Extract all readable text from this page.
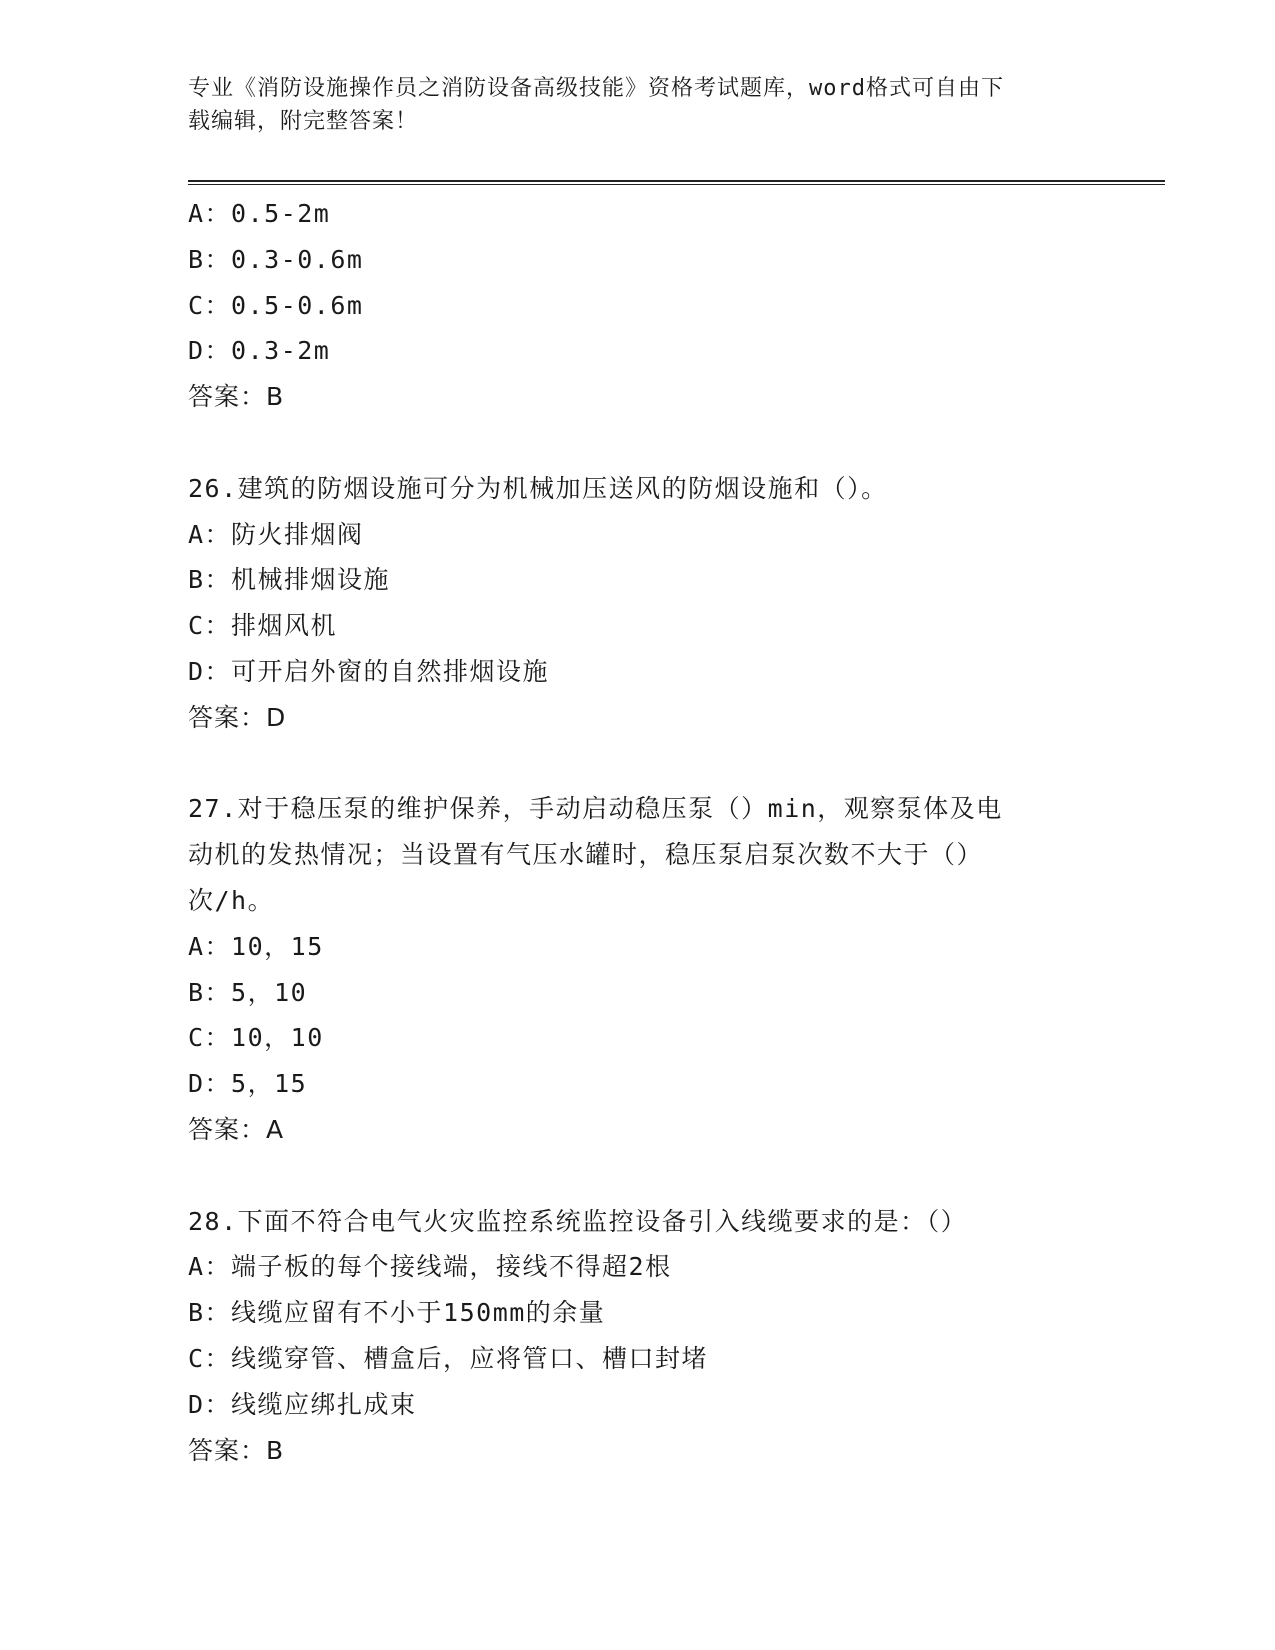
专业《消防设施操作员之消防设备高级技能》资格考试题库，word格式可自由下
载编辑，附完整答案！
A：0.5-2m
B：0.3-0.6m
C：0.5-0.6m
D：0.3-2m
答案：B
26.建筑的防烟设施可分为机械加压送风的防烟设施和（）。
A：防火排烟阀
B：机械排烟设施
C：排烟风机
D：可开启外窗的自然排烟设施
答案：D
27.对于稳压泵的维护保养，手动启动稳压泵（）min，观察泵体及电
动机的发热情况；当设置有气压水罐时，稳压泵启泵次数不大于（）
次/h。
A：10，15
B：5，10
C：10，10
D：5，15
答案：A
28.下面不符合电气火灾监控系统监控设备引入线缆要求的是：（）
A：端子板的每个接线端，接线不得超2根
B：线缆应留有不小于150mm的余量
C：线缆穿管、槽盒后，应将管口、槽口封堵
D：线缆应绑扎成束
答案：B
